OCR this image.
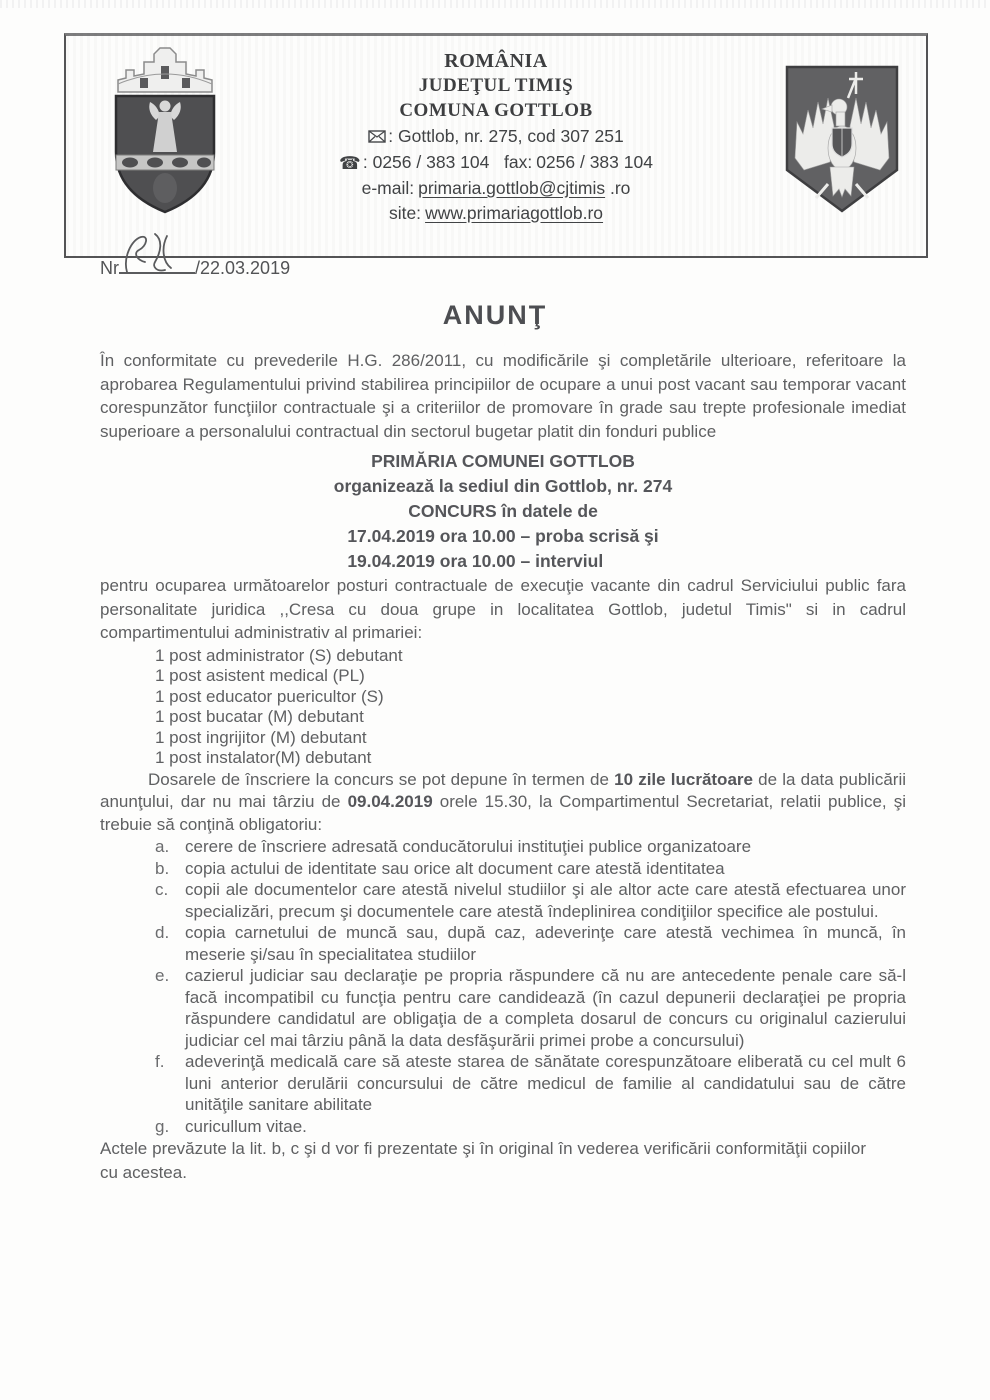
ROMÂNIA
JUDEŢUL TIMIŞ
COMUNA GOTTLOB
: Gottlob, nr. 275, cod 307 251
☎ : 0256 / 383 104 fax: 0256 / 383 104
e-mail: primaria.gottlob@cjtimis .ro
site: www.primariagottlob.ro
Nr	/22.03.2019
ANUNŢ

În conformitate cu prevederile H.G. 286/2011, cu modificările şi completările ulterioare, referitoare la aprobarea Regulamentului privind stabilirea principiilor de ocupare a unui post vacant sau temporar vacant corespunzător funcţiilor contractuale şi a criteriilor de promovare în grade sau trepte profesionale imediat superioare a personalului contractual din sectorul bugetar platit din fonduri publice

PRIMĂRIA COMUNEI GOTTLOB
organizează la sediul din Gottlob, nr. 274
CONCURS în datele de
17.04.2019 ora 10.00 – proba scrisă şi
19.04.2019 ora 10.00 – interviul

pentru ocuparea următoarelor posturi contractuale de execuţie vacante din cadrul Serviciului public fara personalitate juridica ,,Cresa cu doua grupe in localitatea Gottlob, judetul Timis" si in cadrul compartimentului administrativ al primariei:

1 post administrator (S) debutant
1 post asistent medical (PL)
1 post educator puericultor (S)
1 post bucatar (M) debutant
1 post ingrijitor (M) debutant
1 post instalator(M) debutant

Dosarele de înscriere la concurs se pot depune în termen de 10 zile lucrătoare de la data publicării anunţului, dar nu mai târziu de 09.04.2019 orele 15.30, la Compartimentul Secretariat, relatii publice, şi trebuie să conţină obligatoriu:

a. cerere de înscriere adresată conducătorului instituţiei publice organizatoare
b. copia actului de identitate sau orice alt document care atestă identitatea
c. copii ale documentelor care atestă nivelul studiilor şi ale altor acte care atestă efectuarea unor specializări, precum şi documentele care atestă îndeplinirea condiţiilor specifice ale postului.
d. copia carnetului de muncă sau, după caz, adeverinţe care atestă vechimea în muncă, în meserie şi/sau în specialitatea studiilor
e. cazierul judiciar sau declaraţie pe propria răspundere că nu are antecedente penale care să-l facă incompatibil cu funcţia pentru care candidează (în cazul depunerii declaraţiei pe propria răspundere candidatul are obligaţia de a completa dosarul de concurs cu originalul cazierului judiciar cel mai târziu până la data desfăşurării primei probe a concursului)
f.	adeverinţă medicală care să ateste starea de sănătate corespunzătoare eliberată cu cel mult 6 luni anterior derulării concursului de către medicul de familie al candidatului sau de către unităţile sanitare abilitate
g. curicullum vitae.

Actele prevăzute la lit. b, c şi d vor fi prezentate şi în original în vederea verificării conformităţii copiilor cu acestea.
